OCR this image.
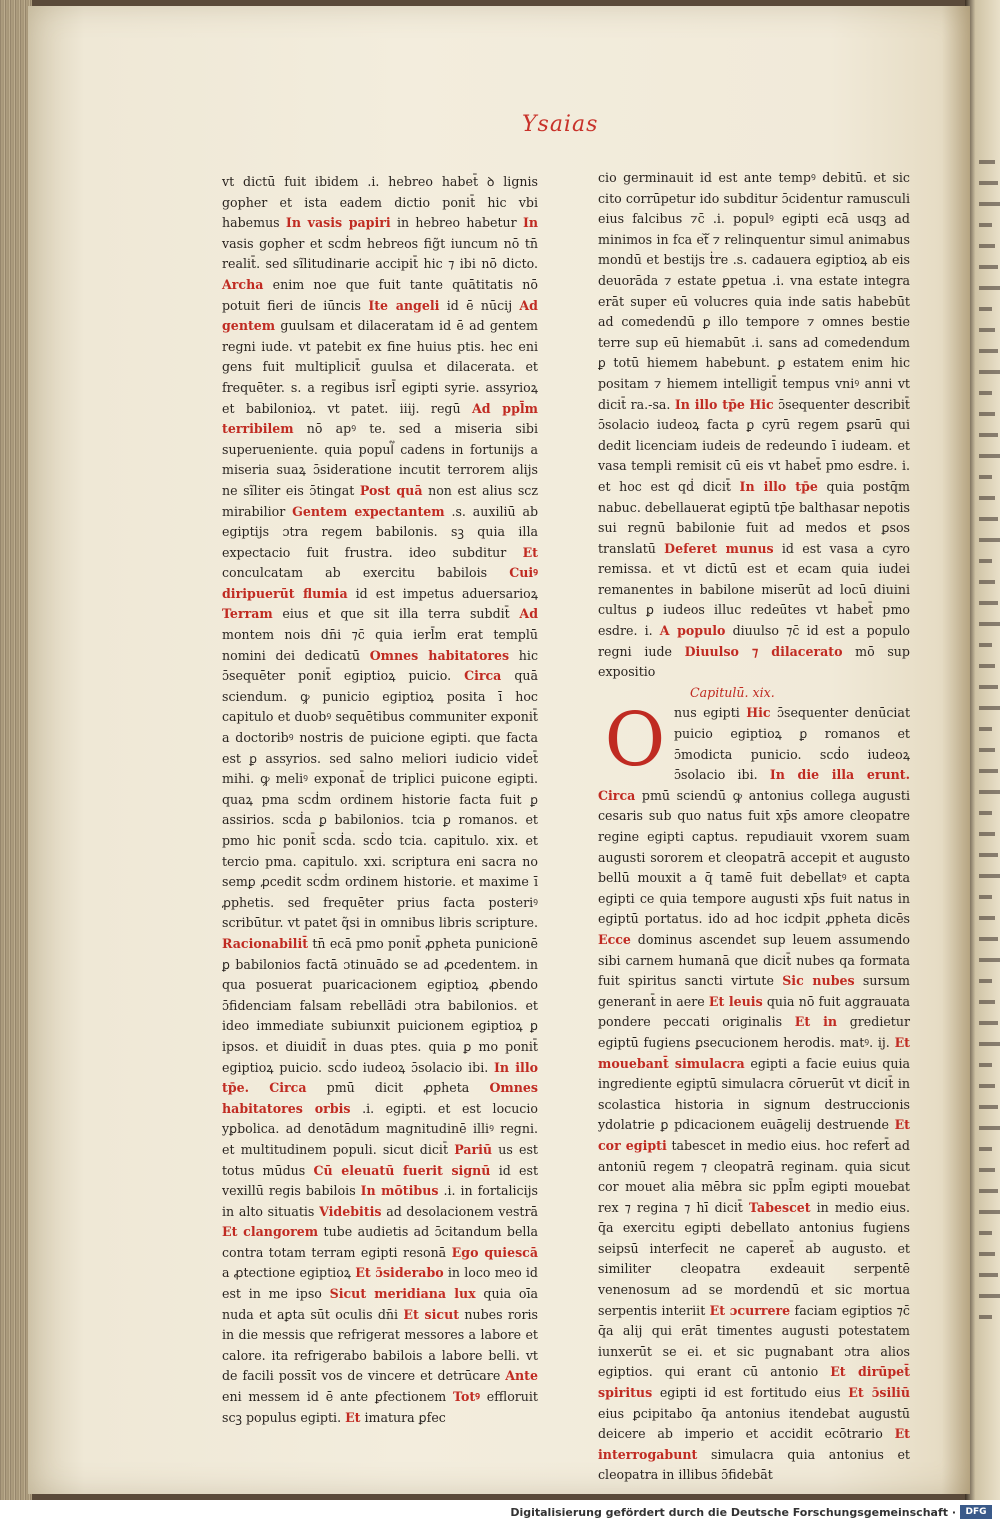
Ysaias

vt dictū fuit ibidem .i. hebreo habet̄ ꝺ lignis gopher et ista eadem dictio ponit̄ hic vbi habemus In vasis papiri in hebreo habetur In vasis gopher et scḋm hebreos fig̃t iuncum nō tn̄ realit̄. sed sĩlitudinarie accipit̄ hic ⁊ ibi nō dicto. Archa enim noe que fuit tante quātitatis nō potuit fieri de iūncis Ite angeli id ē nūcij Ad gentem guulsam et dilaceratam id ē ad gentem regni iude. vt patebit ex fine huius ptis. hec eni gens fuit multiplicit̄ guulsa et dilacerata. et frequēter. s. a regibus isrl̄ egipti syrie. assyrioꝝ et babilonioꝝ. vt patet. iiij. regū Ad ppl̄m terribilem nō apꝰ te. sed a miseria sibi superueniente. quia popul᷑ cadens in fortunijs a miseria suaꝝ ɔ̄sideratione incutit terrorem alijs ne sĩliter eis ɔ̄tingat Post quā non est alius scz mirabilior Gentem expectantem .s. auxiliū ab egiptijs ɔtra regem babilonis. sꝫ quia illa expectacio fuit frustra. ideo subditur Et conculcatam ab exercitu babilois Cuiꝰ diripuerūt flumia id est impetus aduersarioꝝ Terram eius et que sit illa terra subdit̄ Ad montem nois dn̄i ⁊c̄ quia ierl̄m erat templū nomini dei dedicatū Omnes habitatores hic ɔ̄sequēter ponit̄ egiptioꝝ puicio. Circa quā sciendum. ꝙ punicio egiptioꝝ posita ī hoc capitulo et duobꝰ sequētibus communiter exponit̄ a doctoribꝰ nostris de puicione egipti. que facta est ꝑ assyrios. sed salno meliori iudicio videt̄ mihi. ꝙ meliꝰ exponat̄ de triplici puicone egipti. quaꝝ pma scḋm ordinem historie facta fuit ꝑ assirios. scḋa ꝑ babilonios. tcia ꝑ romanos. et pmo hic ponit̄ scḋa. scḋo tcia. capitulo. xix. et tercio pma. capitulo. xxi. scriptura eni sacra no semꝑ ꝓcedit scḋm ordinem historie. et maxime ī ꝓphetis. sed frequēter prius facta posteriꝰ scribūtur. vt patet q̃si in omnibus libris scripture. Racionabilit̄ tn̄ ecā pmo ponit̄ ꝓpheta punicionē ꝑ babilonios factā ɔtinuādo se ad ꝓcedentem. in qua posuerat puaricacionem egiptioꝝ ꝓbendo ɔ̄fidenciam falsam rebellādi ɔtra babilonios. et ideo immediate subiunxit puicionem egiptioꝝ ꝑ ipsos. et diuidit̄ in duas ptes. quia ꝑ mo ponit̄ egiptioꝝ puicio. scḋo iudeoꝝ ɔ̄solacio ibi. In illo tp̄e. Circa pmū dicit ꝓpheta Omnes habitatores orbis .i. egipti. et est locucio yꝑbolica. ad denotādum magnitudinē illiꝰ regni. et multitudinem populi. sicut dicit̄ Pariū us est totus mūdus Cū eleuatū fuerit signū id est vexillū regis babilois In mōtibus .i. in fortalicijs in alto situatis Videbitis ad desolacionem vestrā Et clangorem tube audietis ad ɔ̄citandum bella contra totam terram egipti resonā Ego quiescā a ꝓtectione egiptioꝝ Et ɔ̄siderabo in loco meo id est in me ipso Sicut meridiana lux quia oīa nuda et aꝑta sūt oculis dn̄i Et sicut nubes roris in die messis que refrigerat messores a labore et calore. ita refrigerabo babilois a labore belli. vt de facili possīt vos de vincere et detrūcare Ante eni messem id ē ante ꝑfectionem Totꝰ effloruit scꝫ populus egipti. Et imatura ꝑfec

cio germinauit id est ante tempꝰ debitū. et sic cito corrūpetur ido subditur ɔ̄cidentur ramusculi eius falcibus ⁊c̄ .i. populꝰ egipti ecā usqꝫ ad minimos in fca etᷓ ⁊ relinquentur simul animabus mondū et bestijs ṫre .s. cadauera egiptioꝝ ab eis deuorāda ⁊ estate ꝑpetua .i. vna estate integra erāt super eū volucres quia inde satis habebūt ad comedendū ꝑ illo tempore ⁊ omnes bestie terre sup eū hiemabūt .i. sans ad comedendum ꝑ totū hiemem habebunt. ꝑ estatem enim hic positam ⁊ hiemem intelligit̄ tempus vniꝰ anni vt dicit̄ ra.-sa. In illo tp̄e Hic ɔ̄sequenter describit̄ ɔ̄solacio iudeoꝝ facta ꝑ cyrū regem ꝑsarū qui dedit licenciam iudeis de redeundo ī iudeam. et vasa templi remisit cū eis vt habet̄ pmo esdre. i. et hoc est qḋ dicit̄ In illo tp̄e quia postq̄m nabuc. debellauerat egiptū tp̄e balthasar nepotis sui regnū babilonie fuit ad medos et ꝑsos translatū Deferet munus id est vasa a cyro remissa. et vt dictū est et ecam quia iudei remanentes in babilone miserūt ad locū diuini cultus ꝑ iudeos illuc redeūtes vt habet̄ pmo esdre. i. A populo diuulso ⁊c̄ id est a populo regni iude Diuulso ⁊ dilacerato mō sup expositio

Capitulū. xix.

O nus egipti Hic ɔ̄sequenter denūciat puicio egiptioꝝ ꝑ romanos et ɔ̄modicta punicio. scḋo iudeoꝝ ɔ̄solacio ibi. In die illa erunt. Circa pmū sciendū ꝙ antonius collega augusti cesaris sub quo natus fuit xp̄s amore cleopatre regine egipti captus. repudiauit vxorem suam augusti sororem et cleopatrā accepit et augusto bellū mouxit a q̄ tamē fuit debellatꝰ et capta egipti ce quia tempore augusti xp̄s fuit natus in egiptū portatus. ido ad hoc icdpit ꝓpheta dicēs Ecce dominus ascendet sup leuem assumendo sibi carnem humanā que dicit̄ nubes qa formata fuit spiritus sancti virtute Sic nubes sursum generant̄ in aere Et leuis quia nō fuit aggrauata pondere peccati originalis Et in gredietur egiptū fugiens ꝑsecucionem herodis. matꝰ. ij. Et mouebant̄ simulacra egipti a facie euius quia ingrediente egiptū simulacra cōruerūt vt dicit̄ in scolastica historia in signum destruccionis ydolatrie ꝑ pdicacionem euāgelij destruende Et cor egipti tabescet in medio eius. hoc refert̄ ad antoniū regem ⁊ cleopatrā reginam. quia sicut cor mouet alia mēbra sic ppl̄m egipti mouebat rex ⁊ regina ⁊ hī dicit̄ Tabescet in medio eius. q̄a exercitu egipti debellato antonius fugiens seipsū interfecit ne caperet̄ ab augusto. et similiter cleopatra exdeauit serpentē venenosum ad se mordendū et sic mortua serpentis interiit Et ɔcurrere faciam egiptios ⁊c̄ q̄a alij qui erāt timentes augusti potestatem iunxerūt se ei. et sic pugnabant ɔtra alios egiptios. qui erant cū antonio Et dirūpet̄ spiritus egipti id est fortitudo eius Et ɔ̄siliū eius ꝑcipitabo q̄a antonius itendebat augustū deicere ab imperio et accidit ecōtrario Et interrogabunt simulacra quia antonius et cleopatra in illibus ɔ̄fidebāt

Digitalisierung gefördert durch die Deutsche Forschungsgemeinschaft ·	DFG
